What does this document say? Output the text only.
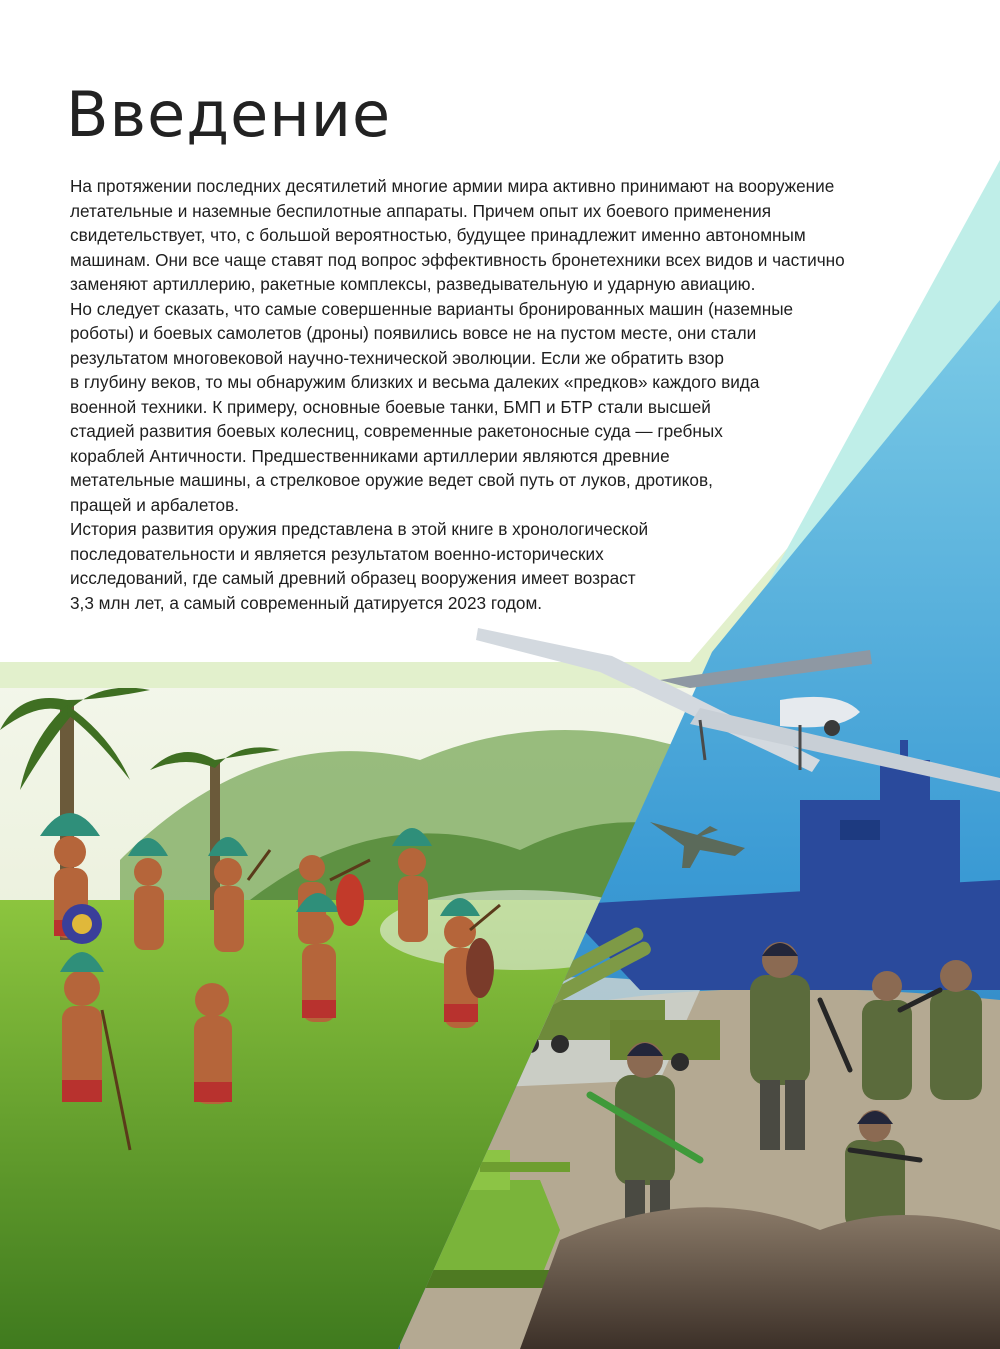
Введение
На протяжении последних десятилетий многие армии мира активно принимают на вооружение
летательные и наземные беспилотные аппараты. Причем опыт их боевого применения
свидетельствует, что, с большой вероятностью, будущее принадлежит именно автономным
машинам. Они все чаще ставят под вопрос эффективность бронетехники всех видов и частично
заменяют артиллерию, ракетные комплексы, разведывательную и ударную авиацию.
Но следует сказать, что самые совершенные варианты бронированных машин (наземные
роботы) и боевых самолетов (дроны) появились вовсе не на пустом месте, они стали
результатом многовековой научно-технической эволюции. Если же обратить взор
в глубину веков, то мы обнаружим близких и весьма далеких «предков» каждого вида
военной техники. К примеру, основные боевые танки, БМП и БТР стали высшей
стадией развития боевых колесниц, современные ракетоносные суда — гребных
кораблей Античности. Предшественниками артиллерии являются древние
метательные машины, а стрелковое оружие ведет свой путь от луков, дротиков,
пращей и арбалетов.
История развития оружия представлена в этой книге в хронологической
последовательности и является результатом военно-исторических
исследований, где самый древний образец вооружения имеет возраст
3,3 млн лет, а самый современный датируется 2023 годом.
